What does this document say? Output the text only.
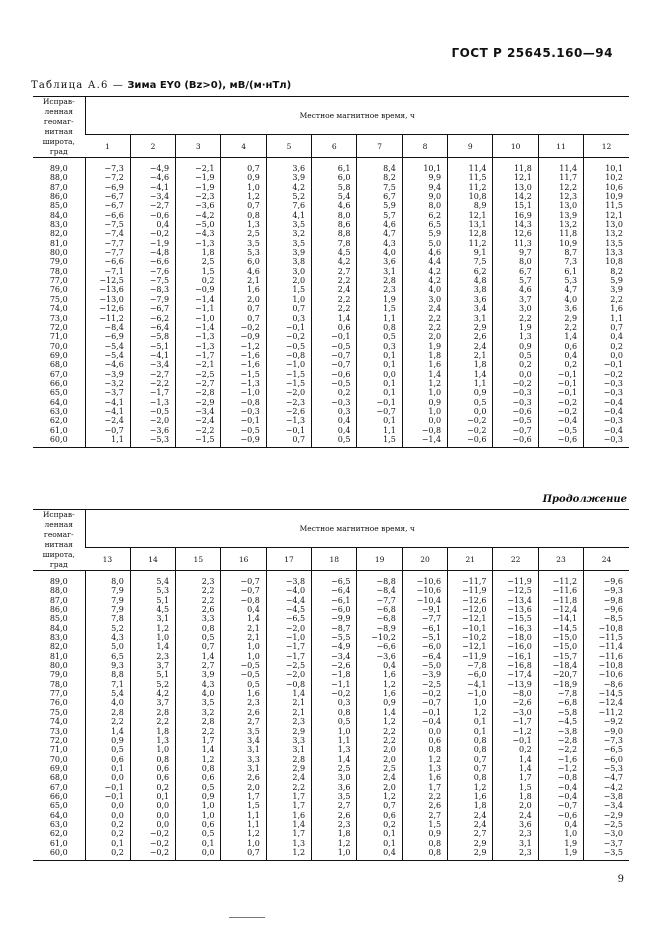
ГОСТ Р 25645.160—94
Таблица А.6 — Зима EY0 (Bz>0), мВ/(м·нТл)
Исправ-ленная геомаг-нитная широта, град	Местное магнитное время, ч											
	1	2	3	4	5	6	7	8	9	10	11	12
89,0	−7,3	−4,9	−2,1	0,7	3,6	6,1	8,4	10,1	11,4	11,8	11,4	10,1
88,0	−7,2	−4,6	−1,9	0,9	3,9	6,0	8,2	9,9	11,5	12,1	11,7	10,2
87,0	−6,9	−4,1	−1,9	1,0	4,2	5,8	7,5	9,4	11,2	13,0	12,2	10,6
86,0	−6,7	−3,4	−2,3	1,2	5,2	5,4	6,7	9,0	10,8	14,2	12,3	10,9
85,0	−6,7	−2,7	−3,6	0,7	7,6	4,6	5,9	8,0	8,9	15,1	13,0	11,5
84,0	−6,6	−0,6	−4,2	0,8	4,1	8,0	5,7	6,2	12,1	16,9	13,9	12,1
83,0	−7,5	0,4	−5,0	1,3	3,5	8,6	4,6	6,5	13,1	14,3	13,2	13,0
82,0	−7,4	−0,2	−4,3	2,5	3,2	8,8	4,7	5,9	12,8	12,6	11,8	13,2
81,0	−7,7	−1,9	−1,3	3,5	3,5	7,8	4,3	5,0	11,2	11,3	10,9	13,5
80,0	−7,7	−4,8	1,8	5,3	3,9	4,5	4,0	4,6	9,1	9,7	8,7	13,3
79,0	−6,6	−6,6	2,5	6,0	3,8	4,2	3,6	4,4	7,5	8,0	7,3	10,8
78,0	−7,1	−7,6	1,5	4,6	3,0	2,7	3,1	4,2	6,2	6,7	6,1	8,2
77,0	−12,5	−7,5	0,2	2,1	2,0	2,2	2,8	4,2	4,8	5,7	5,3	5,9
76,0	−13,6	−8,3	−0,9	1,6	1,5	2,4	2,3	4,0	3,8	4,6	4,7	3,9
75,0	−13,0	−7,9	−1,4	2,0	1,0	2,2	1,9	3,0	3,6	3,7	4,0	2,2
74,0	−12,6	−6,7	−1,1	0,7	0,7	2,2	1,5	2,4	3,4	3,0	3,6	1,6
73,0	−11,2	−6,2	−1,0	0,7	0,3	1,4	1,1	2,2	3,1	2,2	2,9	1,1
72,0	−8,4	−6,4	−1,4	−0,2	−0,1	0,6	0,8	2,2	2,9	1,9	2,2	0,7
71,0	−6,9	−5,8	−1,3	−0,9	−0,2	−0,1	0,5	2,0	2,6	1,3	1,4	0,4
70,0	−5,4	−5,1	−1,3	−1,2	−0,5	−0,5	0,3	1,9	2,4	0,9	0,6	0,2
69,0	−5,4	−4,1	−1,7	−1,6	−0,8	−0,7	0,1	1,8	2,1	0,5	0,4	0,0
68,0	−4,6	−3,4	−2,1	−1,6	−1,0	−0,7	0,1	1,6	1,8	0,2	0,2	−0,1
67,0	−3,9	−2,7	−2,5	−1,5	−1,5	−0,6	0,0	1,4	1,4	0,0	−0,1	−0,2
66,0	−3,2	−2,2	−2,7	−1,3	−1,5	−0,5	0,1	1,2	1,1	−0,2	−0,1	−0,3
65,0	−3,7	−1,7	−2,8	−1,0	−2,0	0,2	0,1	1,0	0,9	−0,3	−0,1	−0,3
64,0	−4,1	−1,3	−2,9	−0,8	−2,3	−0,3	−0,1	0,9	0,5	−0,3	−0,2	−0,4
63,0	−4,1	−0,5	−3,4	−0,3	−2,6	0,3	−0,7	1,0	0,0	−0,6	−0,2	−0,4
62,0	−2,4	−2,0	−2,4	−0,1	−1,3	0,4	0,1	0,0	−0,2	−0,5	−0,4	−0,3
61,0	−0,7	−3,6	−2,2	−0,5	−0,1	0,4	1,1	−0,8	−0,2	−0,7	−0,5	−0,4
60,0	1,1	−5,3	−1,5	−0,9	0,7	0,5	1,5	−1,4	−0,6	−0,6	−0,6	−0,3
Продолжение
Исправ-ленная геомаг-нитная широта, град	Местное магнитное время, ч											
	13	14	15	16	17	18	19	20	21	22	23	24
89,0	8,0	5,4	2,3	−0,7	−3,8	−6,5	−8,8	−10,6	−11,7	−11,9	−11,2	−9,6
88,0	7,9	5,3	2,2	−0,7	−4,0	−6,4	−8,4	−10,6	−11,9	−12,5	−11,6	−9,3
87,0	7,9	5,1	2,2	−0,8	−4,4	−6,1	−7,7	−10,4	−12,6	−13,4	−11,8	−9,8
86,0	7,9	4,5	2,6	0,4	−4,5	−6,0	−6,8	−9,1	−12,0	−13,6	−12,4	−9,6
85,0	7,8	3,1	3,3	1,4	−6,5	−9,9	−6,8	−7,7	−12,1	−15,5	−14,1	−8,5
84,0	5,2	1,2	0,8	2,1	−2,0	−8,7	−8,9	−6,1	−10,1	−16,3	−14,5	−10,8
83,0	4,3	1,0	0,5	2,1	−1,0	−5,5	−10,2	−5,1	−10,2	−18,0	−15,0	−11,5
82,0	5,0	1,4	0,7	1,0	−1,7	−4,9	−6,6	−6,0	−12,1	−16,0	−15,0	−11,4
81,0	6,5	2,3	1,4	1,0	−1,7	−3,4	−3,6	−6,4	−11,9	−16,1	−15,7	−11,6
80,0	9,3	3,7	2,7	−0,5	−2,5	−2,6	0,4	−5,0	−7,8	−16,8	−18,4	−10,8
79,0	8,8	5,1	3,9	−0,5	−2,0	−1,8	1,6	−3,9	−6,0	−17,4	−20,7	−10,6
78,0	7,1	5,2	4,3	0,5	−0,8	−1,1	1,2	−2,5	−4,1	−13,9	−18,9	−8,6
77,0	5,4	4,2	4,0	1,6	1,4	−0,2	1,6	−0,2	−1,0	−8,0	−7,8	−14,5
76,0	4,0	3,7	3,5	2,3	2,1	0,3	0,9	−0,7	1,0	−2,6	−6,8	−12,4
75,0	2,8	2,8	3,2	2,6	2,1	0,8	1,4	−0,1	1,2	−3,0	−5,8	−11,2
74,0	2,2	2,2	2,8	2,7	2,3	0,5	1,2	−0,4	0,1	−1,7	−4,5	−9,2
73,0	1,4	1,8	2,2	3,5	2,9	1,0	2,2	0,0	0,1	−1,2	−3,8	−9,0
72,0	0,9	1,3	1,7	3,4	3,3	1,1	2,2	0,6	0,8	−0,1	−2,8	−7,3
71,0	0,5	1,0	1,4	3,1	3,1	1,3	2,0	0,8	0,8	0,2	−2,2	−6,5
70,0	0,6	0,8	1,2	3,3	2,8	1,4	2,0	1,2	0,7	1,4	−1,6	−6,0
69,0	0,1	0,6	0,8	3,1	2,9	2,5	2,5	1,3	0,7	1,4	−1,2	−5,3
68,0	0,0	0,6	0,6	2,6	2,4	3,0	2,4	1,6	0,8	1,7	−0,8	−4,7
67,0	−0,1	0,2	0,5	2,0	2,2	3,6	2,0	1,7	1,2	1,5	−0,4	−4,2
66,0	−0,1	0,1	0,9	1,7	1,7	3,5	1,2	2,2	1,6	1,8	−0,4	−3,8
65,0	0,0	0,0	1,0	1,5	1,7	2,7	0,7	2,6	1,8	2,0	−0,7	−3,4
64,0	0,0	0,0	1,0	1,1	1,6	2,6	0,6	2,7	2,4	2,4	−0,6	−2,9
63,0	0,2	0,0	0,6	1,1	1,4	2,3	0,2	1,5	2,4	3,6	0,4	−2,5
62,0	0,2	−0,2	0,5	1,2	1,7	1,8	0,1	0,9	2,7	2,3	1,0	−3,0
61,0	0,1	−0,2	0,1	1,0	1,3	1,2	0,1	0,8	2,9	3,1	1,9	−3,7
60,0	0,2	−0,2	0,0	0,7	1,2	1,0	0,4	0,8	2,9	2,3	1,9	−3,5
9
